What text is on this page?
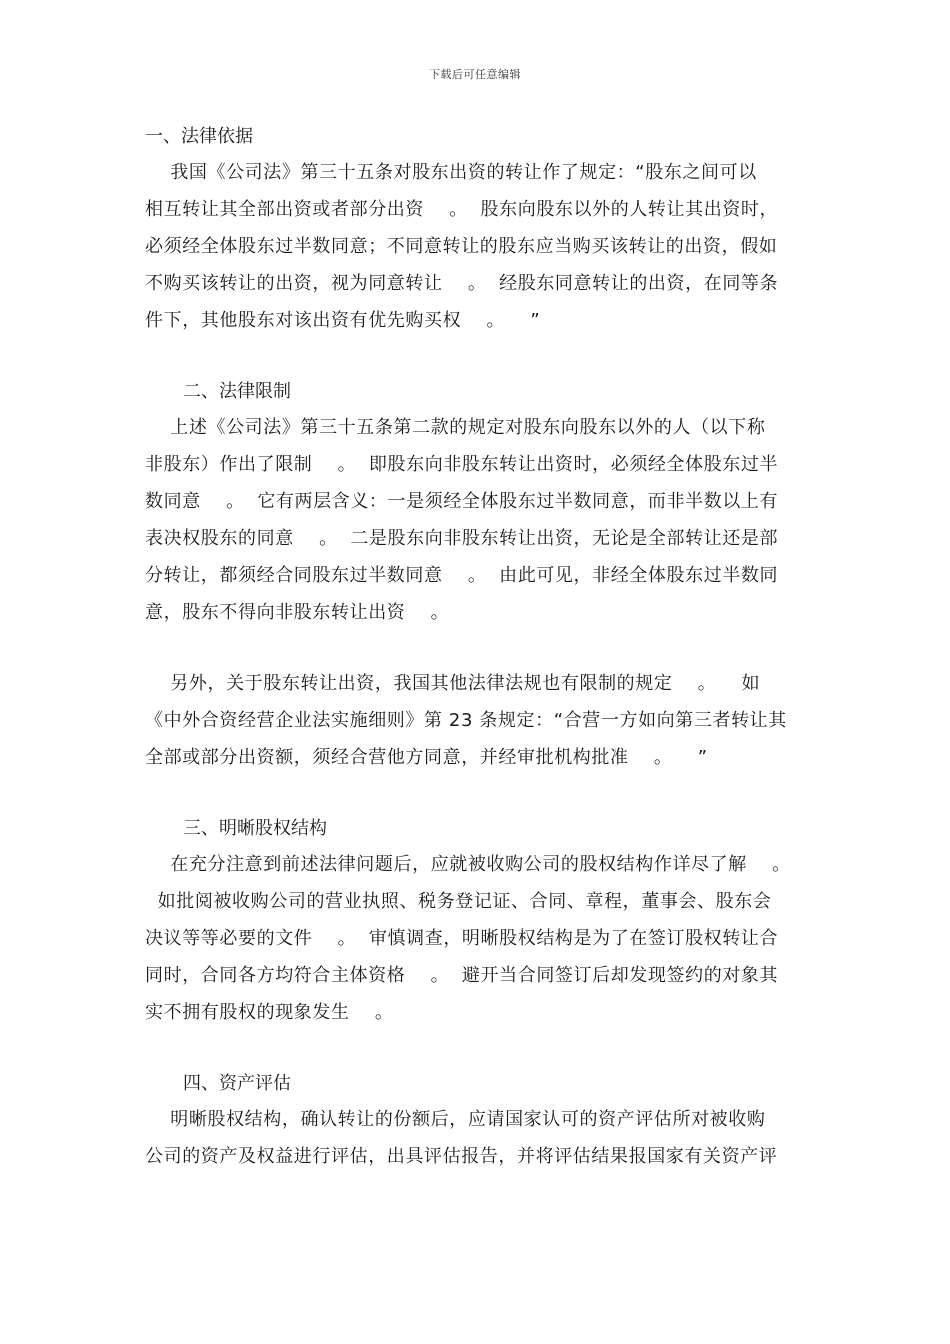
下载后可任意编辑
一、法律依据

我国《公司法》第三十五条对股东出资的转让作了规定：“股东之间可以

相互转让其全部出资或者部分出资    。  股东向股东以外的人转让其出资时，

必须经全体股东过半数同意；不同意转让的股东应当购买该转让的出资，假如

不购买该转让的出资，视为同意转让    。  经股东同意转让的出资，在同等条

件下，其他股东对该出资有优先购买权    。    ”

二、法律限制

上述《公司法》第三十五条第二款的规定对股东向股东以外的人（以下称

非股东）作出了限制    。  即股东向非股东转让出资时，必须经全体股东过半

数同意    。  它有两层含义：一是须经全体股东过半数同意，而非半数以上有

表决权股东的同意    。  二是股东向非股东转让出资，无论是全部转让还是部

分转让，都须经合同股东过半数同意    。  由此可见，非经全体股东过半数同

意，股东不得向非股东转让出资    。

另外，关于股东转让出资，我国其他法律法规也有限制的规定    。    如

《中外合资经营企业法实施细则》第 23 条规定：“合营一方如向第三者转让其

全部或部分出资额，须经合营他方同意，并经审批机构批准    。    ”

三、明晰股权结构

在充分注意到前述法律问题后，应就被收购公司的股权结构作详尽了解    。

如批阅被收购公司的营业执照、税务登记证、合同、章程，董事会、股东会

决议等等必要的文件    。  审慎调查，明晰股权结构是为了在签订股权转让合

同时，合同各方均符合主体资格    。  避开当合同签订后却发现签约的对象其

实不拥有股权的现象发生    。

四、资产评估

明晰股权结构，确认转让的份额后，应请国家认可的资产评估所对被收购

公司的资产及权益进行评估，出具评估报告，并将评估结果报国家有关资产评
